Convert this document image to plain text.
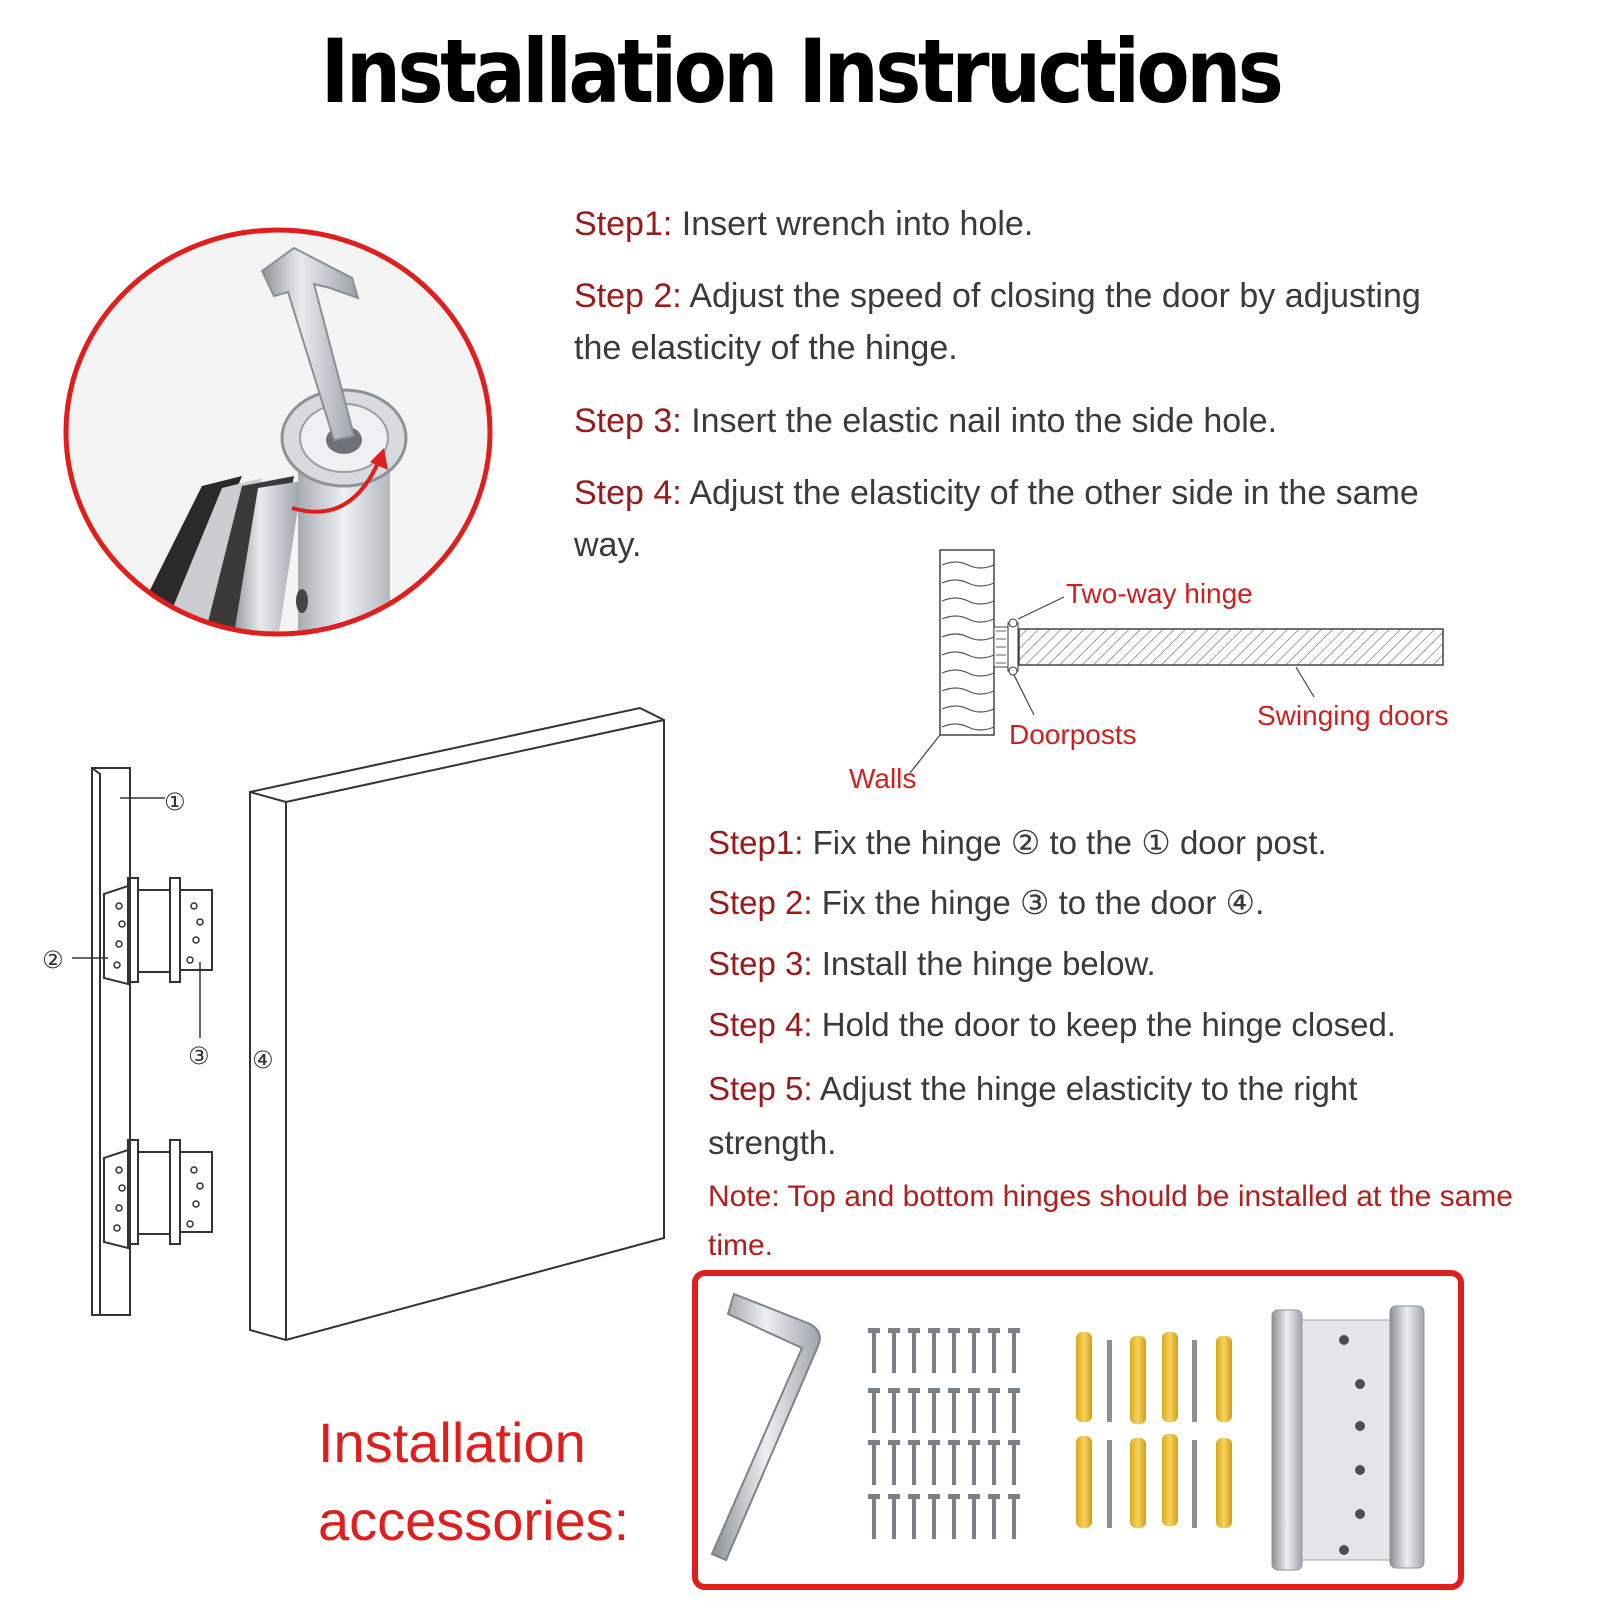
Installation Instructions
Step1: Insert wrench into hole.
Step 2: Adjust the speed of closing the door by adjusting the elasticity of the hinge.
Step 3: Insert the elastic nail into the side hole.
Step 4: Adjust the elasticity of the other side in the same way.
Two-way hinge
Swinging doors
Doorposts
Walls
①
②
③ ④
Step1: Fix the hinge ② to the ① door post.
Step 2: Fix the hinge ③ to the door ④.
Step 3: Install the hinge below.
Step 4: Hold the door to keep the hinge closed.
Step 5: Adjust the hinge elasticity to the right strength.
Note: Top and bottom hinges should be installed at the same time.
Installation
accessories:
